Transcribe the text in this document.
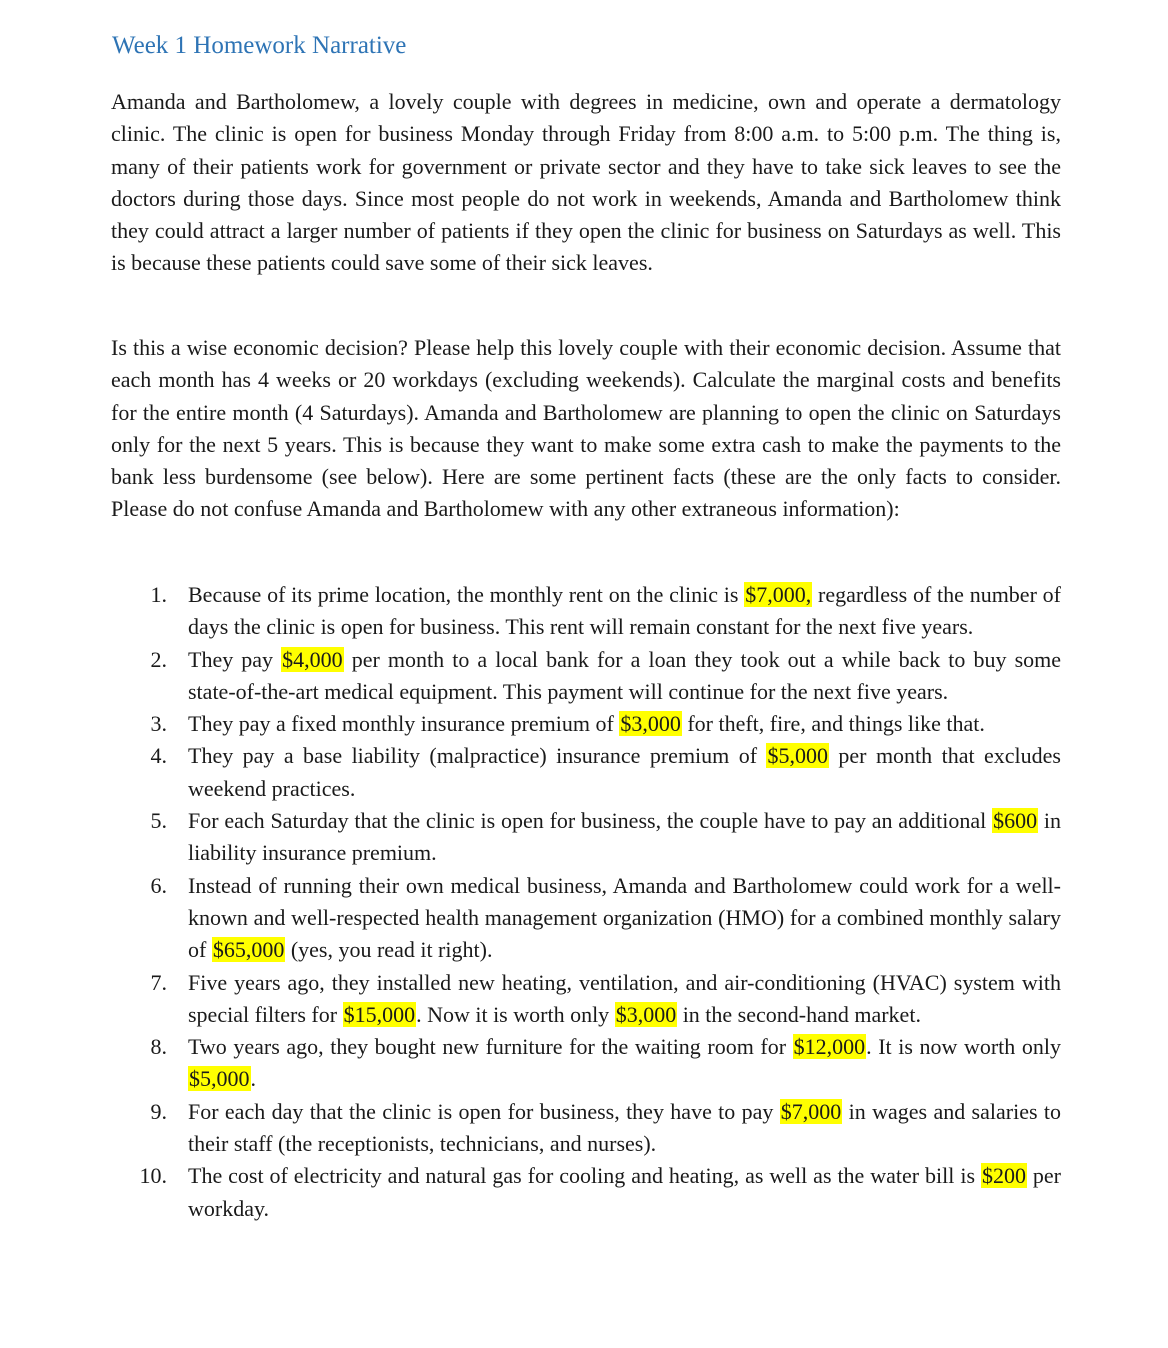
Week 1 Homework Narrative

Amanda and Bartholomew, a lovely couple with degrees in medicine, own and operate a dermatology clinic. The clinic is open for business Monday through Friday from 8:00 a.m. to 5:00 p.m. The thing is, many of their patients work for government or private sector and they have to take sick leaves to see the doctors during those days. Since most people do not work in weekends, Amanda and Bartholomew think they could attract a larger number of patients if they open the clinic for business on Saturdays as well. This is because these patients could save some of their sick leaves.

Is this a wise economic decision? Please help this lovely couple with their economic decision. Assume that each month has 4 weeks or 20 workdays (excluding weekends). Calculate the marginal costs and benefits for the entire month (4 Saturdays). Amanda and Bartholomew are planning to open the clinic on Saturdays only for the next 5 years. This is because they want to make some extra cash to make the payments to the bank less burdensome (see below). Here are some pertinent facts (these are the only facts to consider. Please do not confuse Amanda and Bartholomew with any other extraneous information):

1. Because of its prime location, the monthly rent on the clinic is $7,000, regardless of the number of days the clinic is open for business. This rent will remain constant for the next five years.
2. They pay $4,000 per month to a local bank for a loan they took out a while back to buy some state-of-the-art medical equipment. This payment will continue for the next five years.
3. They pay a fixed monthly insurance premium of $3,000 for theft, fire, and things like that.
4. They pay a base liability (malpractice) insurance premium of $5,000 per month that excludes weekend practices.
5. For each Saturday that the clinic is open for business, the couple have to pay an additional $600 in liability insurance premium.
6. Instead of running their own medical business, Amanda and Bartholomew could work for a well-known and well-respected health management organization (HMO) for a combined monthly salary of $65,000 (yes, you read it right).
7. Five years ago, they installed new heating, ventilation, and air-conditioning (HVAC) system with special filters for $15,000. Now it is worth only $3,000 in the second-hand market.
8. Two years ago, they bought new furniture for the waiting room for $12,000. It is now worth only $5,000.
9. For each day that the clinic is open for business, they have to pay $7,000 in wages and salaries to their staff (the receptionists, technicians, and nurses).
10. The cost of electricity and natural gas for cooling and heating, as well as the water bill is $200 per workday.
